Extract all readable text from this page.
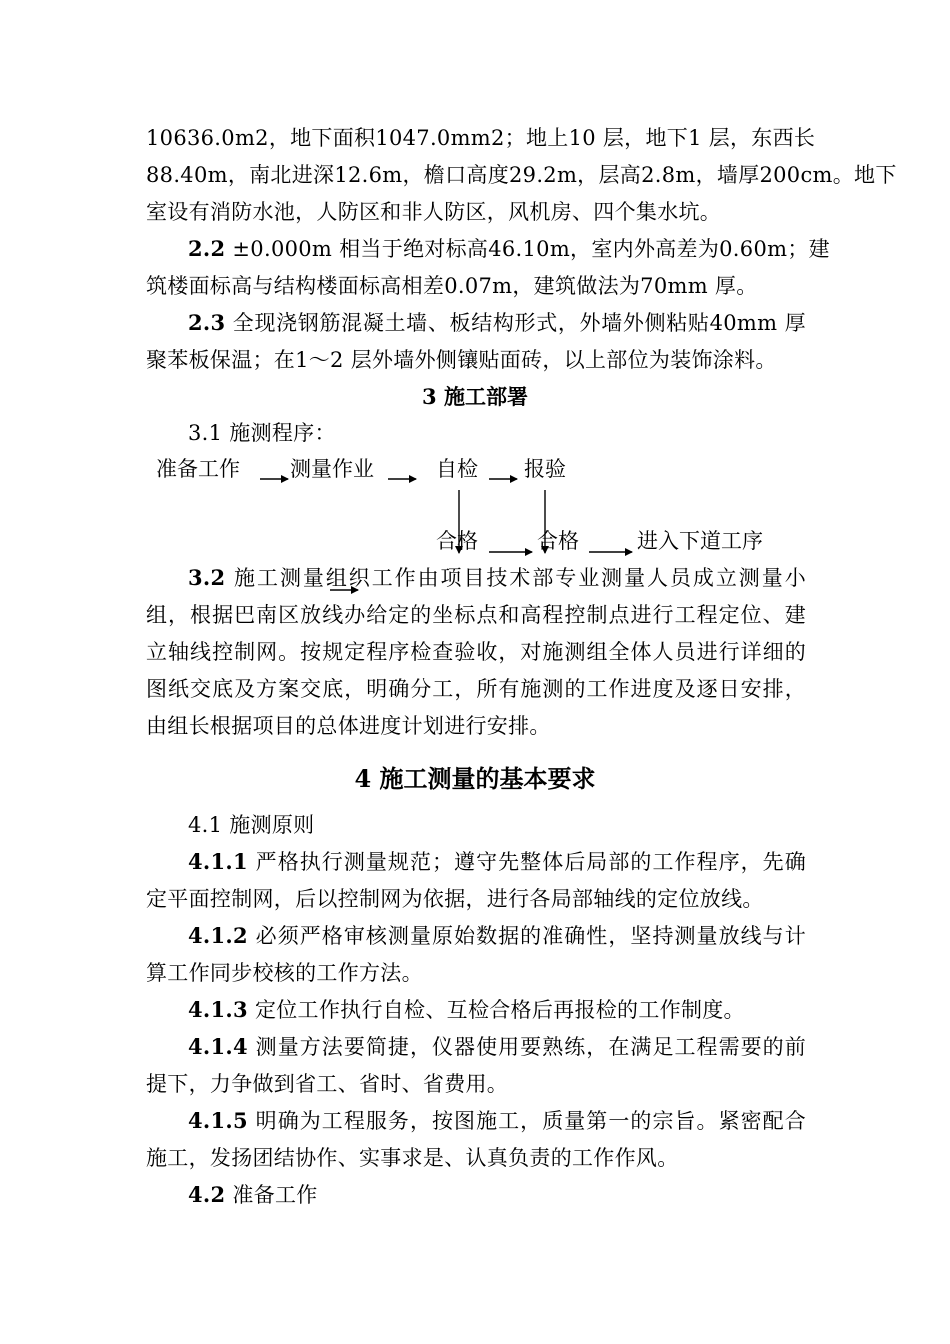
10636.0m2，地下面积1047.0mm2；地上10 层，地下1 层，东西长
88.40m，南北进深12.6m，檐口高度29.2m，层高2.8m，墙厚200cm。地下
室设有消防水池，人防区和非人防区，风机房、四个集水坑。
2.2 ±0.000m 相当于绝对标高46.10m，室内外高差为0.60m；建
筑楼面标高与结构楼面标高相差0.07m，建筑做法为70mm 厚。
2.3 全现浇钢筋混凝土墙、板结构形式，外墙外侧粘贴40mm 厚
聚苯板保温；在1～2 层外墙外侧镶贴面砖，以上部位为装饰涂料。
3 施工部署
3.1 施测程序：
准备工作 测量作业	自检 报验
合格	合格	进入下道工序
3.2 施工测量组织工作由项目技术部专业测量人员成立测量小
组，根据巴南区放线办给定的坐标点和高程控制点进行工程定位、建
立轴线控制网。按规定程序检查验收，对施测组全体人员进行详细的
图纸交底及方案交底，明确分工，所有施测的工作进度及逐日安排，
由组长根据项目的总体进度计划进行安排。
4 施工测量的基本要求
4.1 施测原则
4.1.1 严格执行测量规范；遵守先整体后局部的工作程序，先确
定平面控制网，后以控制网为依据，进行各局部轴线的定位放线。
4.1.2 必须严格审核测量原始数据的准确性，坚持测量放线与计
算工作同步校核的工作方法。
4.1.3 定位工作执行自检、互检合格后再报检的工作制度。
4.1.4 测量方法要简捷，仪器使用要熟练，在满足工程需要的前
提下，力争做到省工、省时、省费用。
4.1.5 明确为工程服务，按图施工，质量第一的宗旨。紧密配合
施工，发扬团结协作、实事求是、认真负责的工作作风。
4.2 准备工作
